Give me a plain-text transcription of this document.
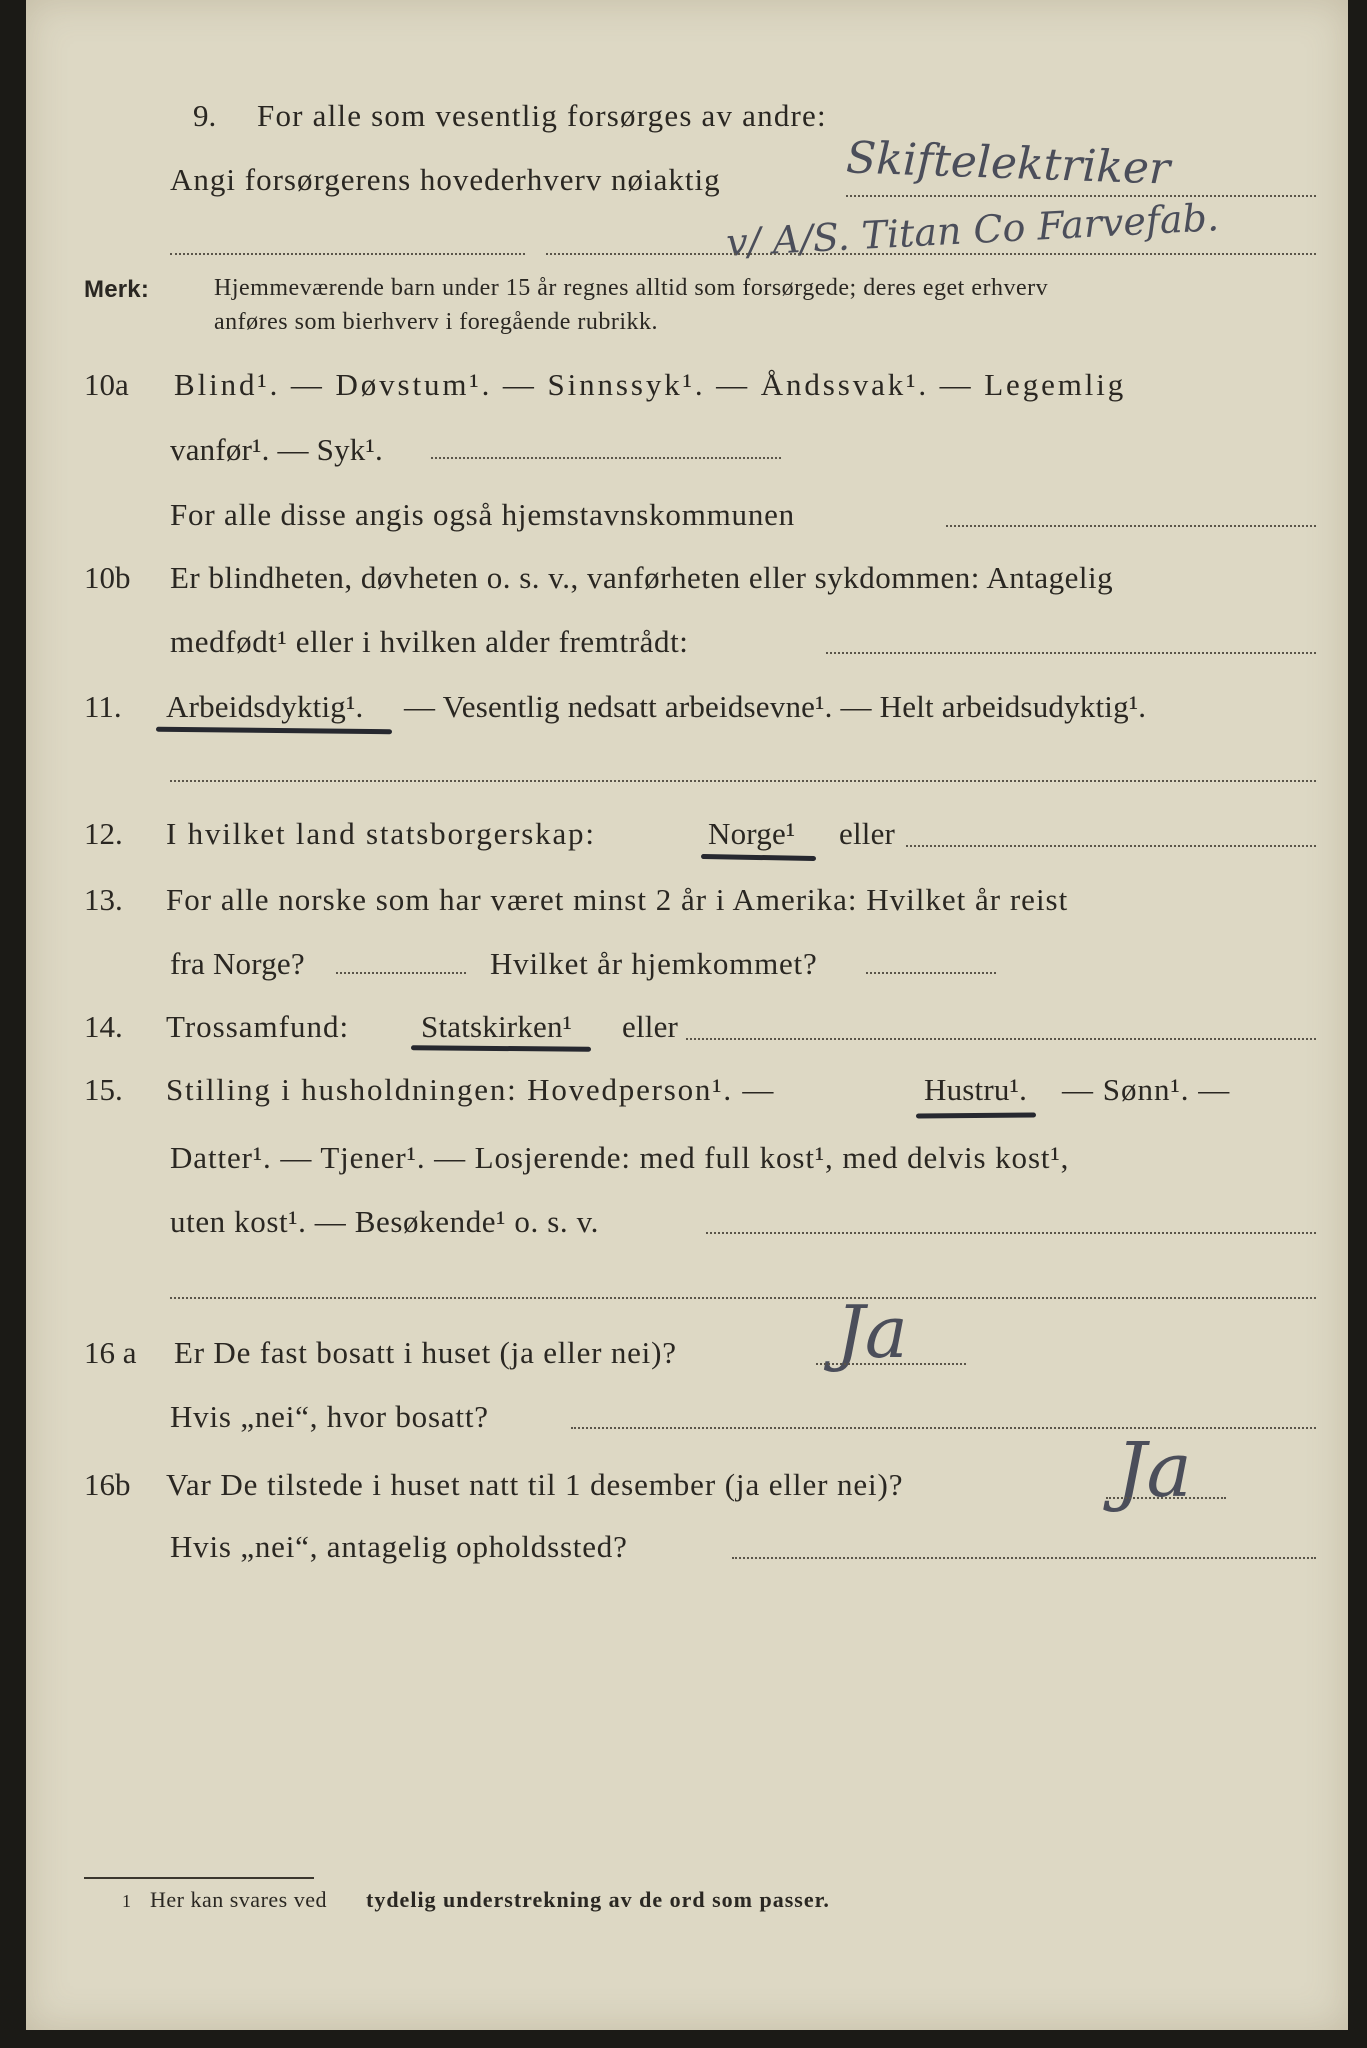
9. For alle som vesentlig forsørges av andre:
Angi forsørgerens hovederhverv nøiaktig	Skiftelektriker
v/ A/S. Titan Co Farvefab.
Merk:	Hjemmeværende barn under 15 år regnes alltid som forsørgede; deres eget erhverv
anføres som bierhverv i foregående rubrikk.
10a Blind¹. — Døvstum¹. — Sinnssyk¹. — Åndssvak¹. — Legemlig
vanfør¹. — Syk¹.
For alle disse angis også hjemstavnskommunen
10b Er blindheten, døvheten o. s. v., vanførheten eller sykdommen: Antagelig
medfødt¹ eller i hvilken alder fremtrådt:
11. Arbeidsdyktig¹. — Vesentlig nedsatt arbeidsevne¹. — Helt arbeidsudyktig¹.
12. I hvilket land statsborgerskap:	Norge¹ eller
13. For alle norske som har været minst 2 år i Amerika: Hvilket år reist
fra Norge?	Hvilket år hjemkommet?
14. Trossamfund: Statskirken¹ eller
15. Stilling i husholdningen: Hovedperson¹. —	Hustru¹. — Sønn¹. —
Datter¹. — Tjener¹. — Losjerende: med full kost¹, med delvis kost¹,
uten kost¹. — Besøkende¹ o. s. v.
16 a Er De fast bosatt i huset (ja eller nei)? Ja
Hvis „nei“, hvor bosatt?
16b Var De tilstede i huset natt til 1 desember (ja eller nei)?	Ja
Hvis „nei“, antagelig opholdssted?
1 Her kan svares ved tydelig understrekning av de ord som passer.
